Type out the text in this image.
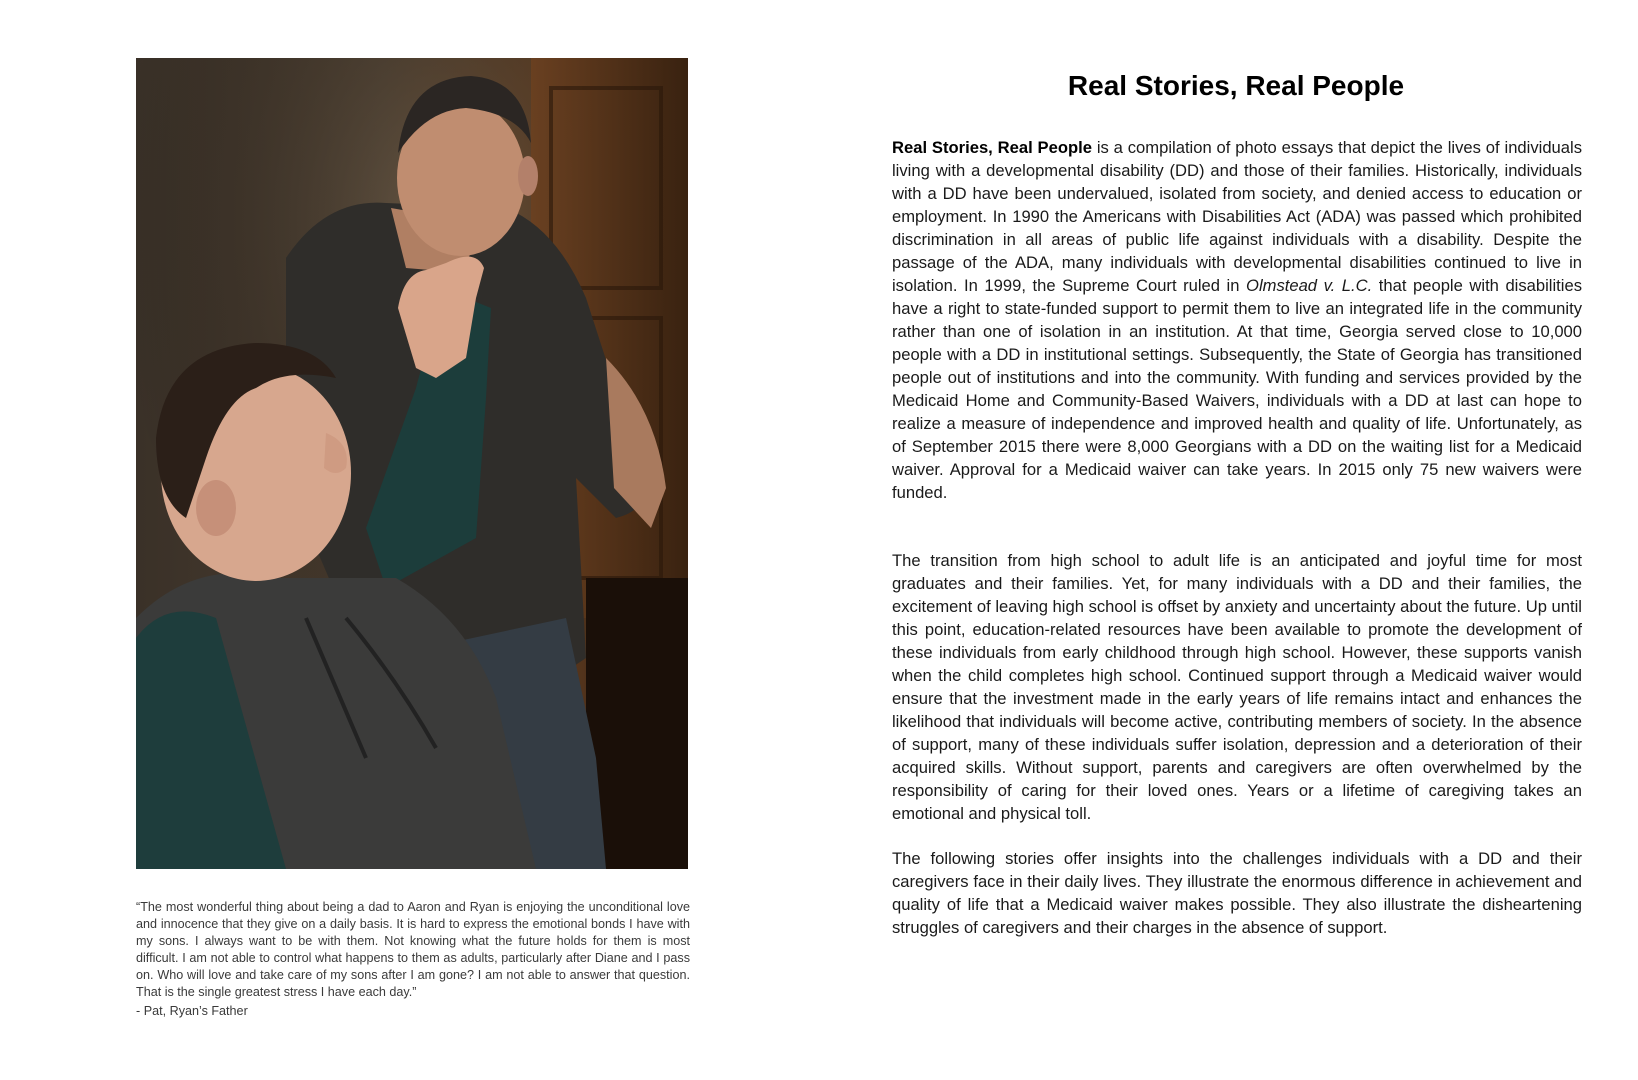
“The most wonderful thing about being a dad to Aaron and Ryan is enjoying the unconditional love and innocence that they give on a daily basis. It is hard to express the emotional bonds I have with my sons. I always want to be with them. Not knowing what the future holds for them is most difficult. I am not able to control what happens to them as adults, particularly after Diane and I pass on. Who will love and take care of my sons after I am gone? I am not able to answer that question. That is the single greatest stress I have each day.”

- Pat, Ryan’s Father
Real Stories, Real People

Real Stories, Real People is a compilation of photo essays that depict the lives of individuals living with a developmental disability (DD) and those of their families. Historically, individuals with a DD have been undervalued, isolated from society, and denied access to education or employment. In 1990 the Americans with Disabilities Act (ADA) was passed which prohibited discrimination in all areas of public life against individuals with a disability. Despite the passage of the ADA, many individuals with developmental disabilities continued to live in isolation. In 1999, the Supreme Court ruled in Olmstead v. L.C. that people with disabilities have a right to state-funded support to permit them to live an integrated life in the community rather than one of isolation in an institution. At that time, Georgia served close to 10,000 people with a DD in institutional settings. Subsequently, the State of Georgia has transitioned people out of institutions and into the community. With funding and services provided by the Medicaid Home and Community-Based Waivers, individuals with a DD at last can hope to realize a measure of independence and improved health and quality of life. Unfortunately, as of September 2015 there were 8,000 Georgians with a DD on the waiting list for a Medicaid waiver. Approval for a Medicaid waiver can take years. In 2015 only 75 new waivers were funded.

The transition from high school to adult life is an anticipated and joyful time for most graduates and their families. Yet, for many individuals with a DD and their families, the excitement of leaving high school is offset by anxiety and uncertainty about the future. Up until this point, education-related resources have been available to promote the development of these individuals from early childhood through high school. However, these supports vanish when the child completes high school. Continued support through a Medicaid waiver would ensure that the investment made in the early years of life remains intact and enhances the likelihood that individuals will become active, contributing members of society. In the absence of support, many of these individuals suffer isolation, depression and a deterioration of their acquired skills. Without support, parents and caregivers are often overwhelmed by the responsibility of caring for their loved ones. Years or a lifetime of caregiving takes an emotional and physical toll.

The following stories offer insights into the challenges individuals with a DD and their caregivers face in their daily lives. They illustrate the enormous difference in achievement and quality of life that a Medicaid waiver makes possible. They also illustrate the disheartening struggles of caregivers and their charges in the absence of support.
